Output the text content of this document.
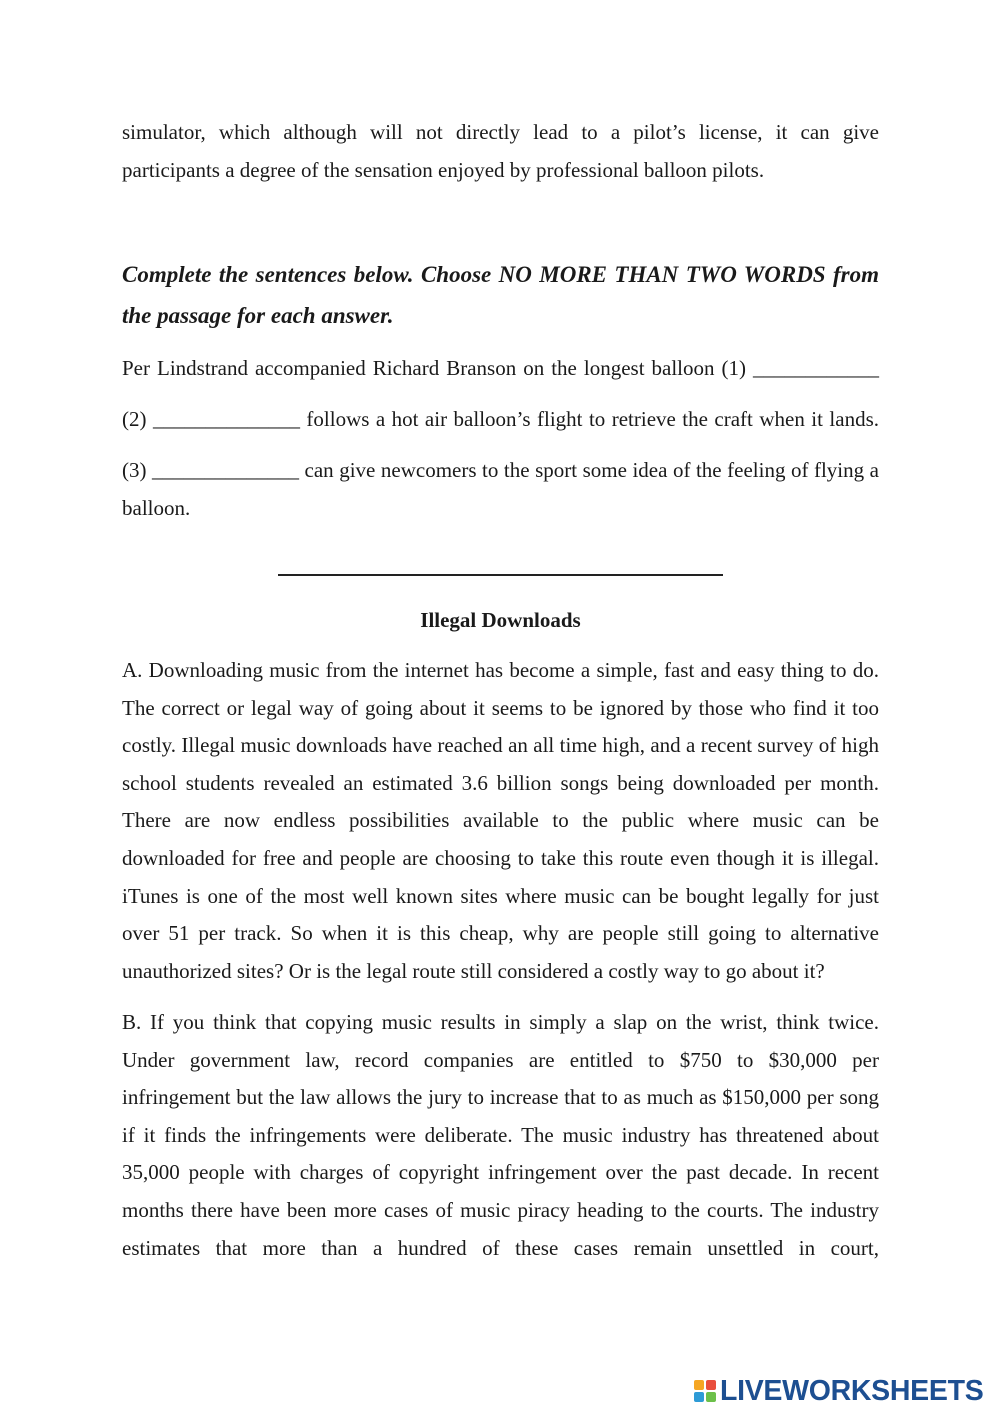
simulator, which although will not directly lead to a pilot’s license, it can give participants a degree of the sensation enjoyed by professional balloon pilots.

Complete the sentences below. Choose NO MORE THAN TWO WORDS from the passage for each answer.

Per Lindstrand accompanied Richard Branson on the longest balloon (1) ____________

(2) ______________ follows a hot air balloon’s flight to retrieve the craft when it lands.

(3) ______________ can give newcomers to the sport some idea of the feeling of flying a balloon.

Illegal Downloads

A. Downloading music from the internet has become a simple, fast and easy thing to do. The correct or legal way of going about it seems to be ignored by those who find it too costly. Illegal music downloads have reached an all time high, and a recent survey of high school students revealed an estimated 3.6 billion songs being downloaded per month. There are now endless possibilities available to the public where music can be downloaded for free and people are choosing to take this route even though it is illegal. iTunes is one of the most well known sites where music can be bought legally for just over 51 per track. So when it is this cheap, why are people still going to alternative unauthorized sites? Or is the legal route still considered a costly way to go about it?

B. If you think that copying music results in simply a slap on the wrist, think twice. Under government law, record companies are entitled to $750 to $30,000 per infringement but the law allows the jury to increase that to as much as $150,000 per song if it finds the infringements were deliberate. The music industry has threatened about 35,000 people with charges of copyright infringement over the past decade. In recent months there have been more cases of music piracy heading to the courts. The industry estimates that more than a hundred of these cases remain unsettled in court,

LIVEWORKSHEETS
